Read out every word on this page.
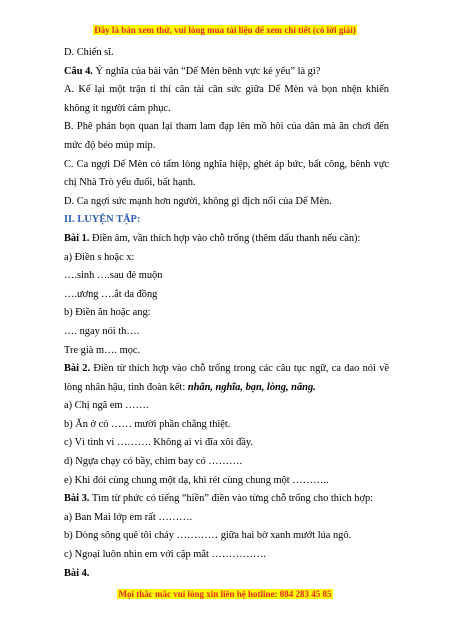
Đây là bản xem thử, vui lòng mua tài liệu để xem chi tiết (có lời giải)
D. Chiến sĩ.
Câu 4. Ý nghĩa của bài văn “Dế Mèn bênh vực kẻ yếu” là gì?
A. Kể lại một trận tỉ thí cân tài cân sức giữa Dế Mèn và bọn nhện khiến không ít người cảm phục.
B. Phê phán bọn quan lại tham lam đạp lên mồ hôi của dân mà ăn chơi đến mức độ béo múp míp.
C. Ca ngợi Dế Mèn có tấm lòng nghĩa hiệp, ghét áp bức, bất công, bênh vực chị Nhà Trò yếu đuối, bất hạnh.
D. Ca ngợi sức mạnh hơn người, không gì địch nổi của Dế Mèn.
II. LUYỆN TẬP:
Bài 1. Điền âm, vần thích hợp vào chỗ trống (thêm dấu thanh nếu cần):
a) Điền s hoặc x:
….sinh ….sau đẻ muộn
….ương ….ắt da đồng
b) Điền ăn hoặc ang:
…. ngay nói th….
Tre già m…. mọc.
Bài 2. Điền từ thích hợp vào chỗ trống trong các câu tục ngữ, ca dao nói về lòng nhân hậu, tinh đoàn kết: nhân, nghĩa, bạn, lòng, nâng.
a) Chị ngã em …….
b) Ăn ở có …… mười phần chẳng thiệt.
c) Vì tình vì ………. Không ai vì đĩa xôi đầy.
d) Ngựa chạy có bầy, chim bay có ……….
e) Khi đói cùng chung một dạ, khi rét cùng chung một ………..
Bài 3. Tìm từ phức có tiếng “hiền” điền vào từng chỗ trống cho thích hợp:
a) Ban Mai lớp em rất ……….
b) Dòng sông quê tôi chảy ………… giữa hai bờ xanh mướt lúa ngô.
c) Ngoại luôn nhìn em với cặp mắt …………….
Bài 4.
Mọi thắc mắc vui lòng xin liên hệ hotline: 084 283 45 85
